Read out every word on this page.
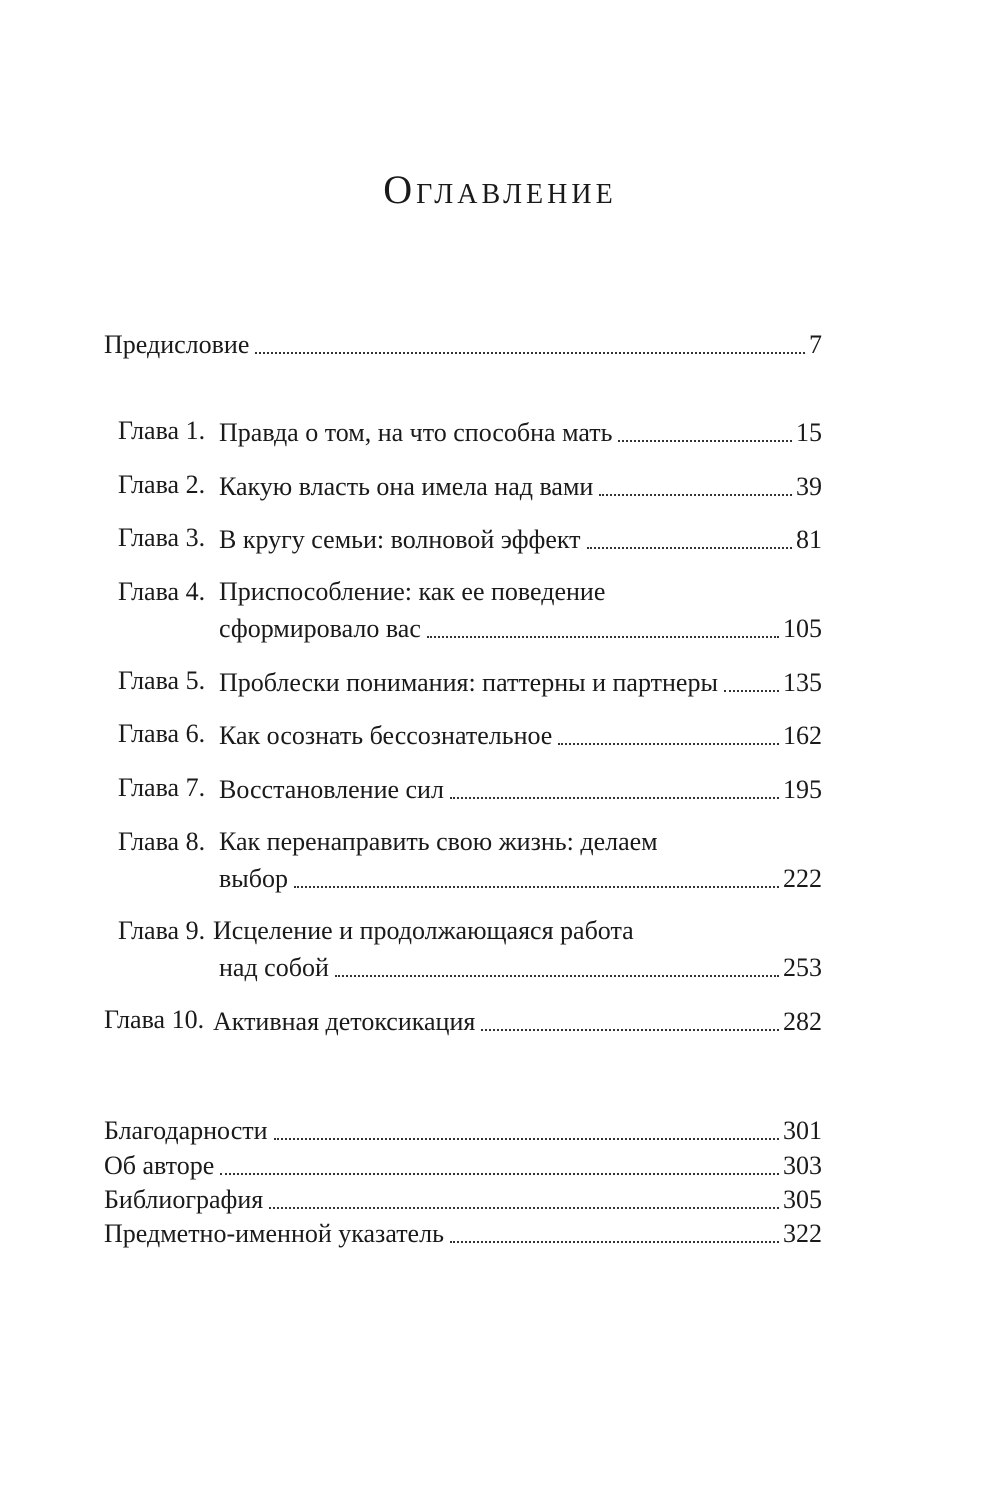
Оглавление
Предисловие	7
Глава 1. Правда о том, на что способна мать	15
Глава 2. Какую власть она имела над вами	39
Глава 3. В кругу семьи: волновой эффект	81
Глава 4. Приспособление: как ее поведение
сформировало вас	105
Глава 5. Проблески понимания: паттерны и партнеры	135
Глава 6. Как осознать бессознательное	162
Глава 7. Восстановление сил	195
Глава 8. Как перенаправить свою жизнь: делаем
выбор	222
Глава 9. Исцеление и продолжающаяся работа
над собой	253
Глава 10. Активная детоксикация	282
Благодарности	301
Об авторе	303
Библиография	305
Предметно-именной указатель	322
